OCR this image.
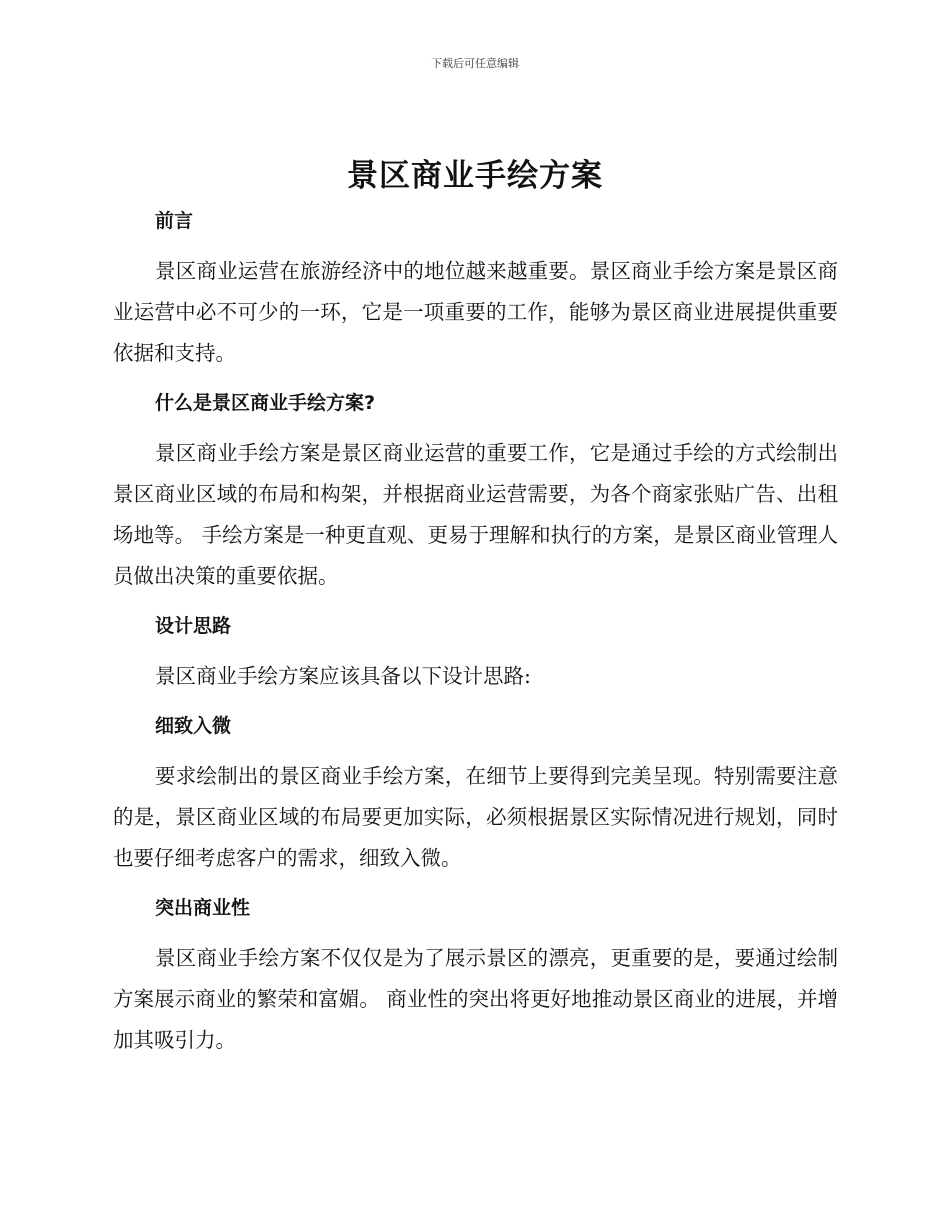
下载后可任意编辑
景区商业手绘方案
前言

景区商业运营在旅游经济中的地位越来越重要。景区商业手绘方案是景区商业运营中必不可少的一环，它是一项重要的工作，能够为景区商业进展提供重要依据和支持。

什么是景区商业手绘方案?

景区商业手绘方案是景区商业运营的重要工作，它是通过手绘的方式绘制出景区商业区域的布局和构架，并根据商业运营需要，为各个商家张贴广告、出租场地等。 手绘方案是一种更直观、更易于理解和执行的方案，是景区商业管理人员做出决策的重要依据。

设计思路

景区商业手绘方案应该具备以下设计思路:

细致入微

要求绘制出的景区商业手绘方案，在细节上要得到完美呈现。特别需要注意的是，景区商业区域的布局要更加实际，必须根据景区实际情况进行规划，同时也要仔细考虑客户的需求，细致入微。

突出商业性

景区商业手绘方案不仅仅是为了展示景区的漂亮，更重要的是，要通过绘制方案展示商业的繁荣和富媚。 商业性的突出将更好地推动景区商业的进展，并增加其吸引力。
